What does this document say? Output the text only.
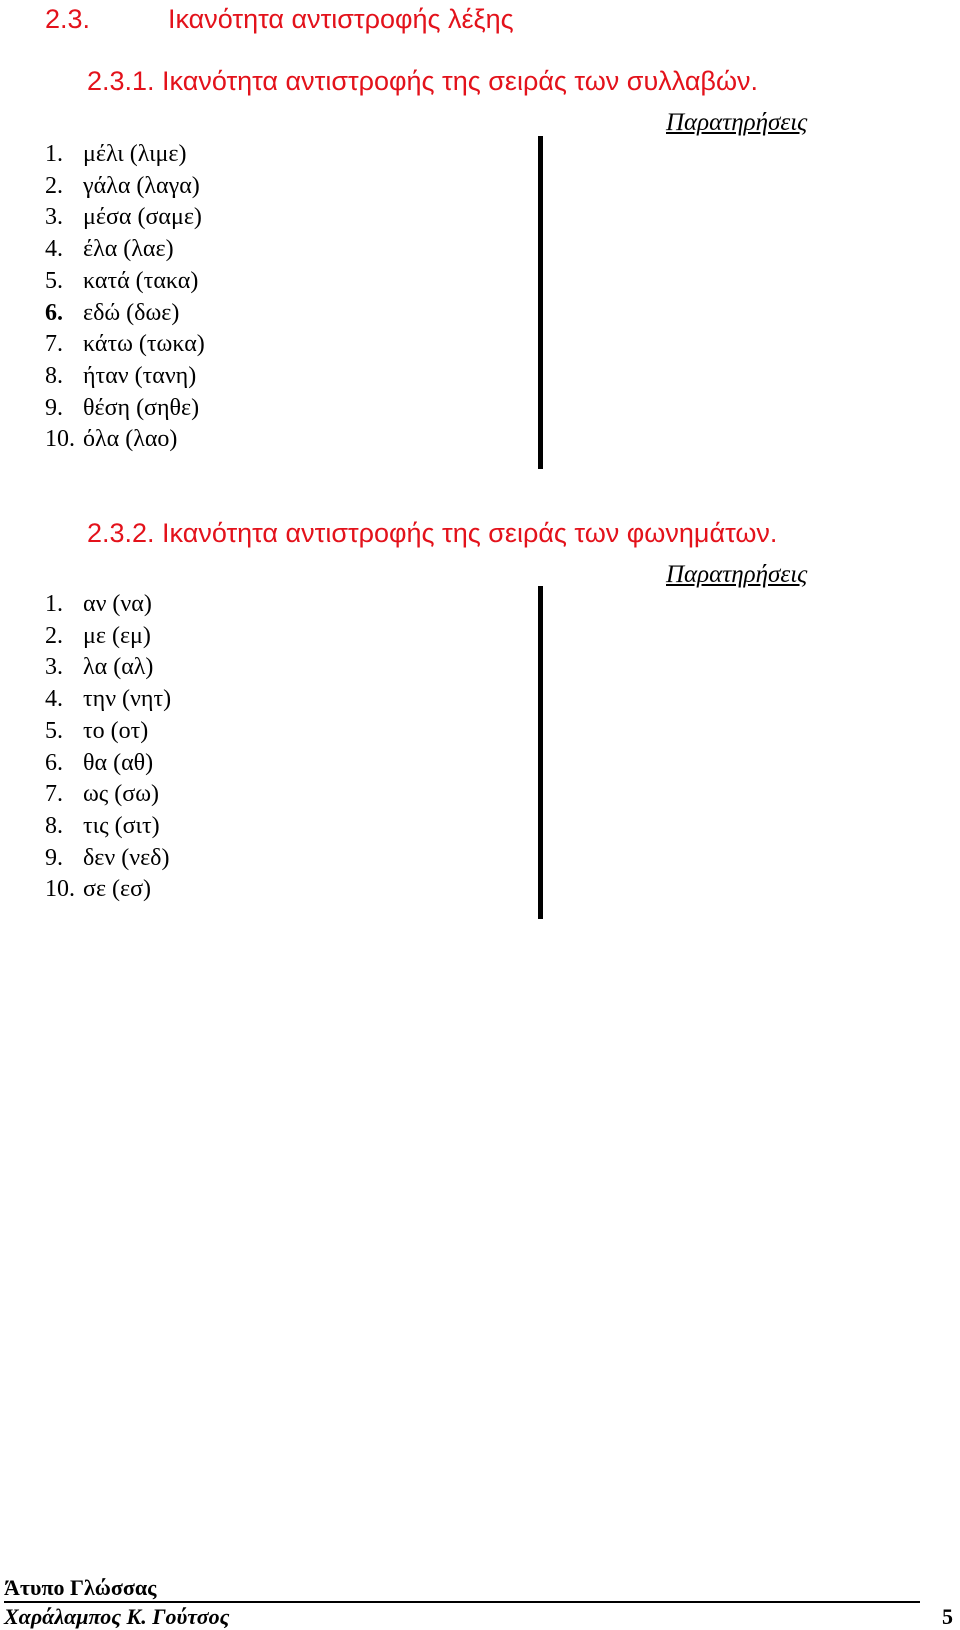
2.3.	Ικανότητα αντιστροφής λέξης
2.3.1. Ικανότητα αντιστροφής της σειράς των συλλαβών.
Παρατηρήσεις
1. μέλι (λιμε)
2. γάλα (λαγα)
3. μέσα (σαμε)
4. έλα (λαε)
5. κατά (τακα)
6. εδώ (δωε)
7. κάτω (τωκα)
8. ήταν (τανη)
9. θέση (σηθε)
10. όλα (λαο)
2.3.2. Ικανότητα αντιστροφής της σειράς των φωνημάτων.
Παρατηρήσεις
1. αν (να)
2. με (εμ)
3. λα (αλ)
4. την (νητ)
5. το (οτ)
6. θα (αθ)
7. ως (σω)
8. τις (σιτ)
9. δεν (νεδ)
10. σε (εσ)
Άτυπο Γλώσσας
Χαράλαμπος Κ. Γούτσος	5
